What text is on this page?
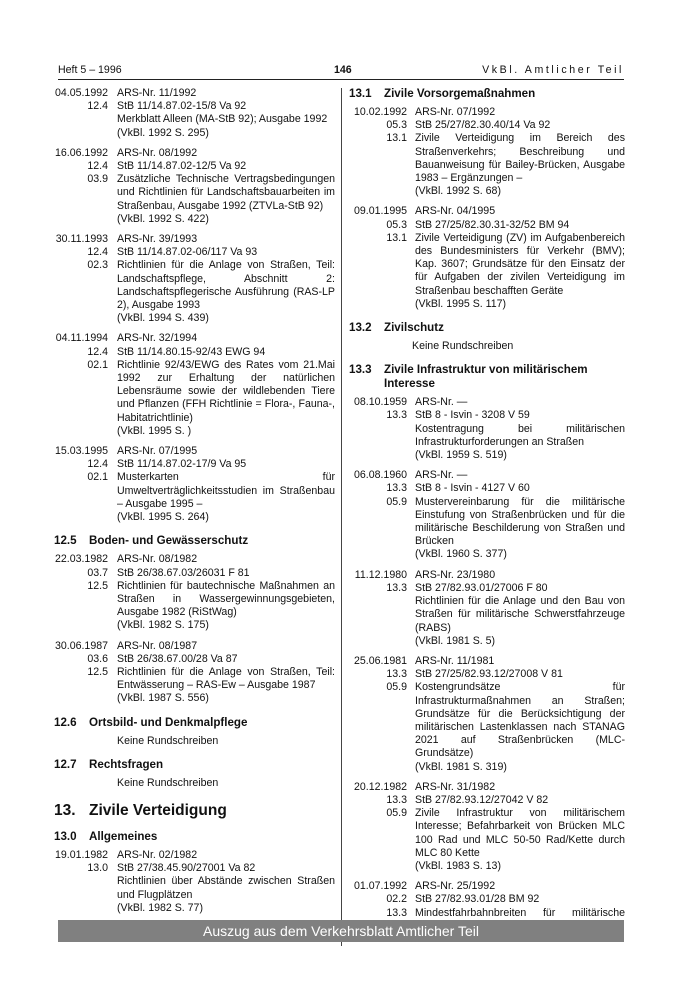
Heft 5 – 1996	146	VkBl. Amtlicher Teil
04.05.1992 ARS-Nr. 11/1992
12.4 StB 11/14.87.02-15/8 Va 92
Merkblatt Alleen (MA-StB 92); Ausgabe 1992
(VkBl. 1992 S. 295)
16.06.1992 ARS-Nr. 08/1992
12.4 StB 11/14.87.02-12/5 Va 92
03.9 Zusätzliche Technische Vertragsbedingungen und Richtlinien für Landschaftsbauarbeiten im Straßenbau, Ausgabe 1992 (ZTVLa-StB 92)
(VkBl. 1992 S. 422)
30.11.1993 ARS-Nr. 39/1993
12.4 StB 11/14.87.02-06/117 Va 93
02.3 Richtlinien für die Anlage von Straßen, Teil: Landschaftspflege, Abschnitt 2: Landschaftspflegerische Ausführung (RAS-LP 2), Ausgabe 1993
(VkBl. 1994 S. 439)
04.11.1994 ARS-Nr. 32/1994
12.4 StB 11/14.80.15-92/43 EWG 94
02.1 Richtlinie 92/43/EWG des Rates vom 21.Mai 1992 zur Erhaltung der natürlichen Lebensräume sowie der wildlebenden Tiere und Pflanzen (FFH Richtlinie = Flora-, Fauna-, Habitatrichtlinie)
(VkBl. 1995 S. )
15.03.1995 ARS-Nr. 07/1995
12.4 StB 11/14.87.02-17/9 Va 95
02.1 Musterkarten für Umweltverträglichkeitsstudien im Straßenbau – Ausgabe 1995 –
(VkBl. 1995 S. 264)
12.5 Boden- und Gewässerschutz
22.03.1982 ARS-Nr. 08/1982
03.7 StB 26/38.67.03/26031 F 81
12.5 Richtlinien für bautechnische Maßnahmen an Straßen in Wassergewinnungsgebieten, Ausgabe 1982 (RiStWag)
(VkBl. 1982 S. 175)
30.06.1987 ARS-Nr. 08/1987
03.6 StB 26/38.67.00/28 Va 87
12.5 Richtlinien für die Anlage von Straßen, Teil: Entwässerung – RAS-Ew – Ausgabe 1987
(VkBl. 1987 S. 556)
12.6 Ortsbild- und Denkmalpflege
Keine Rundschreiben
12.7 Rechtsfragen
Keine Rundschreiben
13. Zivile Verteidigung
13.0 Allgemeines
19.01.1982 ARS-Nr. 02/1982
13.0 StB 27/38.45.90/27001 Va 82
Richtlinien über Abstände zwischen Straßen und Flugplätzen
(VkBl. 1982 S. 77)
13.1 Zivile Vorsorgemaßnahmen
10.02.1992 ARS-Nr. 07/1992
05.3 StB 25/27/82.30.40/14 Va 92
13.1 Zivile Verteidigung im Bereich des Straßenverkehrs; Beschreibung und Bauanweisung für Bailey-Brücken, Ausgabe 1983 – Ergänzungen –
(VkBl. 1992 S. 68)
09.01.1995 ARS-Nr. 04/1995
05.3 StB 27/25/82.30.31-32/52 BM 94
13.1 Zivile Verteidigung (ZV) im Aufgabenbereich des Bundesministers für Verkehr (BMV); Kap. 3607; Grundsätze für den Einsatz der für Aufgaben der zivilen Verteidigung im Straßenbau beschafften Geräte
(VkBl. 1995 S. 117)
13.2 Zivilschutz
Keine Rundschreiben
13.3 Zivile Infrastruktur von militärischem Interesse
08.10.1959 ARS-Nr. —
13.3 StB 8 - Isvin - 3208 V 59
Kostentragung bei militärischen Infrastrukturforderungen an Straßen
(VkBl. 1959 S. 519)
06.08.1960 ARS-Nr. —
13.3 StB 8 - Isvin - 4127 V 60
05.9 Mustervereinbarung für die militärische Einstufung von Straßenbrücken und für die militärische Beschilderung von Straßen und Brücken
(VkBl. 1960 S. 377)
11.12.1980 ARS-Nr. 23/1980
13.3 StB 27/82.93.01/27006 F 80
Richtlinien für die Anlage und den Bau von Straßen für militärische Schwerstfahrzeuge (RABS)
(VkBl. 1981 S. 5)
25.06.1981 ARS-Nr. 11/1981
13.3 StB 27/25/82.93.12/27008 V 81
05.9 Kostengrundsätze für Infrastrukturmaßnahmen an Straßen; Grundsätze für die Berücksichtigung der militärischen Lastenklassen nach STANAG 2021 auf Straßenbrücken (MLC-Grundsätze)
(VkBl. 1981 S. 319)
20.12.1982 ARS-Nr. 31/1982
13.3 StB 27/82.93.12/27042 V 82
05.9 Zivile Infrastruktur von militärischem Interesse; Befahrbarkeit von Brücken MLC 100 Rad und MLC 50-50 Rad/Kette durch MLC 80 Kette
(VkBl. 1983 S. 13)
01.07.1992 ARS-Nr. 25/1992
02.2 StB 27/82.93.01/28 BM 92
13.3 Mindestfahrbahnbreiten für militärische
Auszug aus dem Verkehrsblatt Amtlicher Teil
